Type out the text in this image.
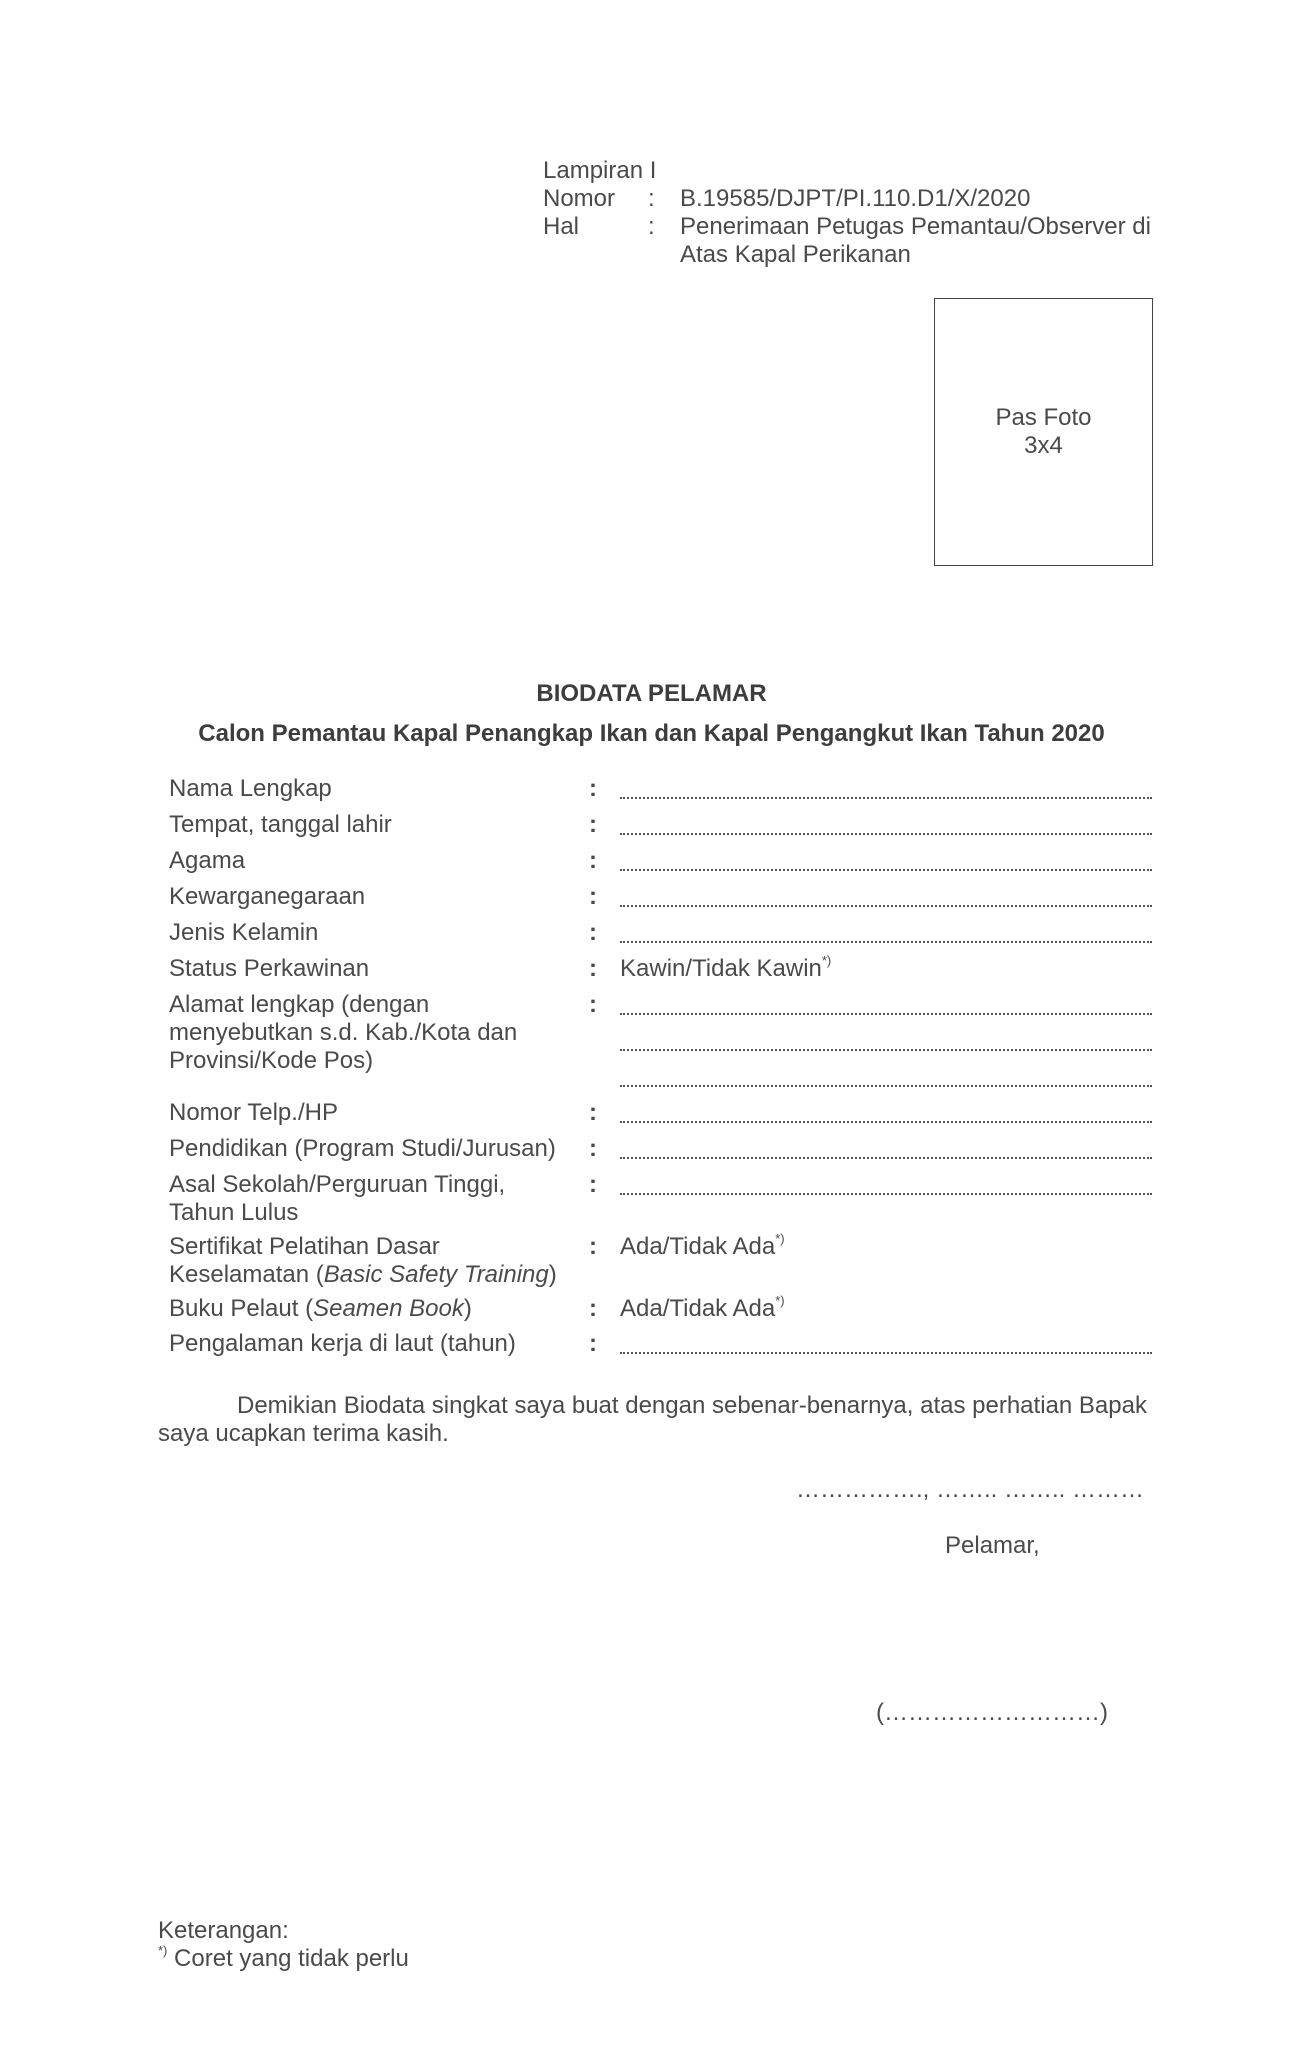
Lampiran I
Nomor : B.19585/DJPT/PI.110.D1/X/2020
Hal	: Penerimaan Petugas Pemantau/Observer di
Atas Kapal Perikanan
Pas Foto
3x4
BIODATA PELAMAR
Calon Pemantau Kapal Penangkap Ikan dan Kapal Pengangkut Ikan Tahun 2020
Nama Lengkap	:
Tempat, tanggal lahir	:
Agama	:
Kewarganegaraan	:
Jenis Kelamin	:
Status Perkawinan	: Kawin/Tidak Kawin*)
Alamat lengkap (dengan
menyebutkan s.d. Kab./Kota dan
Provinsi/Kode Pos)
:
Nomor Telp./HP	:
Pendidikan (Program Studi/Jurusan) :
Asal Sekolah/Perguruan Tinggi,
Tahun Lulus
:
Sertifikat Pelatihan Dasar
Keselamatan (Basic Safety Training)
: Ada/Tidak Ada*)
Buku Pelaut (Seamen Book)	: Ada/Tidak Ada*)
Pengalaman kerja di laut (tahun)	:
Demikian Biodata singkat saya buat dengan sebenar-benarnya, atas perhatian Bapak
saya ucapkan terima kasih.
……………., …….. …….. ………
Pelamar,
(………………………)
Keterangan:
*) Coret yang tidak perlu
